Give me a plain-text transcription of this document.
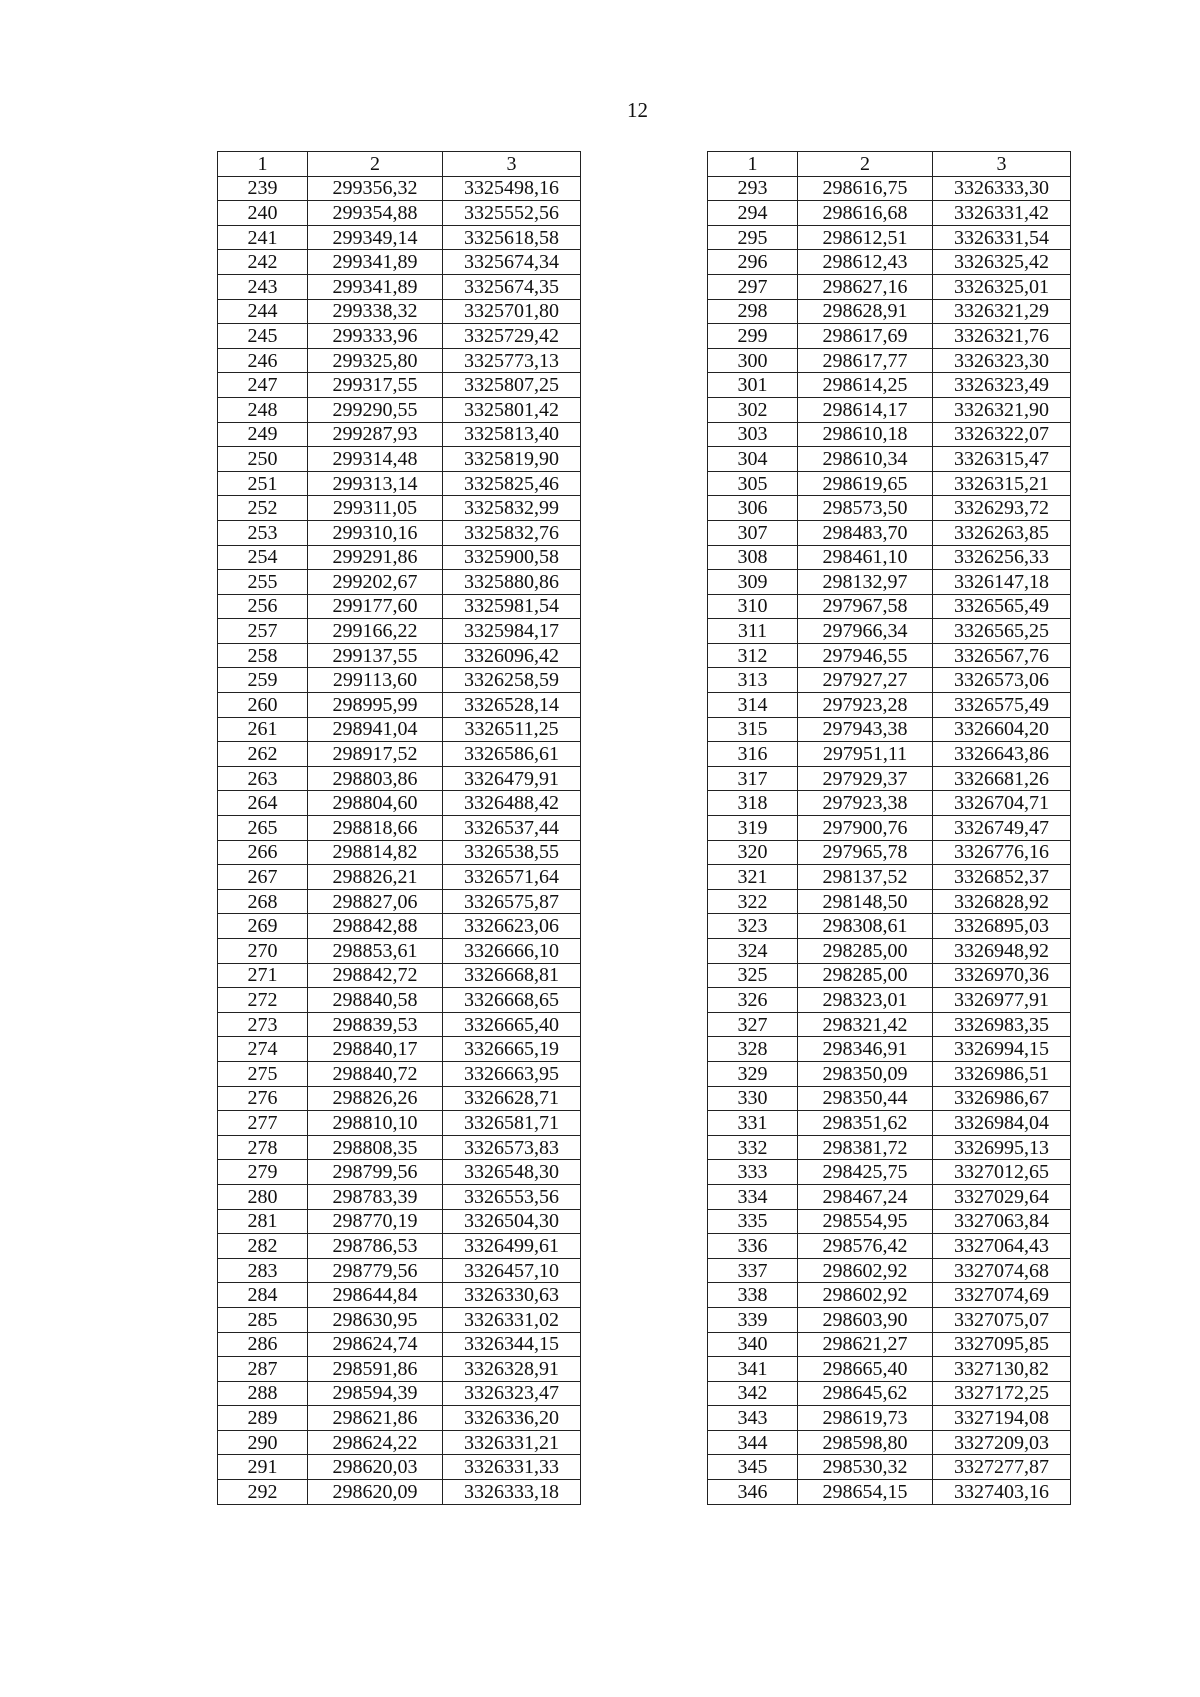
12
1	2	3
239	299356,32	3325498,16
240	299354,88	3325552,56
241	299349,14	3325618,58
242	299341,89	3325674,34
243	299341,89	3325674,35
244	299338,32	3325701,80
245	299333,96	3325729,42
246	299325,80	3325773,13
247	299317,55	3325807,25
248	299290,55	3325801,42
249	299287,93	3325813,40
250	299314,48	3325819,90
251	299313,14	3325825,46
252	299311,05	3325832,99
253	299310,16	3325832,76
254	299291,86	3325900,58
255	299202,67	3325880,86
256	299177,60	3325981,54
257	299166,22	3325984,17
258	299137,55	3326096,42
259	299113,60	3326258,59
260	298995,99	3326528,14
261	298941,04	3326511,25
262	298917,52	3326586,61
263	298803,86	3326479,91
264	298804,60	3326488,42
265	298818,66	3326537,44
266	298814,82	3326538,55
267	298826,21	3326571,64
268	298827,06	3326575,87
269	298842,88	3326623,06
270	298853,61	3326666,10
271	298842,72	3326668,81
272	298840,58	3326668,65
273	298839,53	3326665,40
274	298840,17	3326665,19
275	298840,72	3326663,95
276	298826,26	3326628,71
277	298810,10	3326581,71
278	298808,35	3326573,83
279	298799,56	3326548,30
280	298783,39	3326553,56
281	298770,19	3326504,30
282	298786,53	3326499,61
283	298779,56	3326457,10
284	298644,84	3326330,63
285	298630,95	3326331,02
286	298624,74	3326344,15
287	298591,86	3326328,91
288	298594,39	3326323,47
289	298621,86	3326336,20
290	298624,22	3326331,21
291	298620,03	3326331,33
292	298620,09	3326333,18
1	2	3
293	298616,75	3326333,30
294	298616,68	3326331,42
295	298612,51	3326331,54
296	298612,43	3326325,42
297	298627,16	3326325,01
298	298628,91	3326321,29
299	298617,69	3326321,76
300	298617,77	3326323,30
301	298614,25	3326323,49
302	298614,17	3326321,90
303	298610,18	3326322,07
304	298610,34	3326315,47
305	298619,65	3326315,21
306	298573,50	3326293,72
307	298483,70	3326263,85
308	298461,10	3326256,33
309	298132,97	3326147,18
310	297967,58	3326565,49
311	297966,34	3326565,25
312	297946,55	3326567,76
313	297927,27	3326573,06
314	297923,28	3326575,49
315	297943,38	3326604,20
316	297951,11	3326643,86
317	297929,37	3326681,26
318	297923,38	3326704,71
319	297900,76	3326749,47
320	297965,78	3326776,16
321	298137,52	3326852,37
322	298148,50	3326828,92
323	298308,61	3326895,03
324	298285,00	3326948,92
325	298285,00	3326970,36
326	298323,01	3326977,91
327	298321,42	3326983,35
328	298346,91	3326994,15
329	298350,09	3326986,51
330	298350,44	3326986,67
331	298351,62	3326984,04
332	298381,72	3326995,13
333	298425,75	3327012,65
334	298467,24	3327029,64
335	298554,95	3327063,84
336	298576,42	3327064,43
337	298602,92	3327074,68
338	298602,92	3327074,69
339	298603,90	3327075,07
340	298621,27	3327095,85
341	298665,40	3327130,82
342	298645,62	3327172,25
343	298619,73	3327194,08
344	298598,80	3327209,03
345	298530,32	3327277,87
346	298654,15	3327403,16
